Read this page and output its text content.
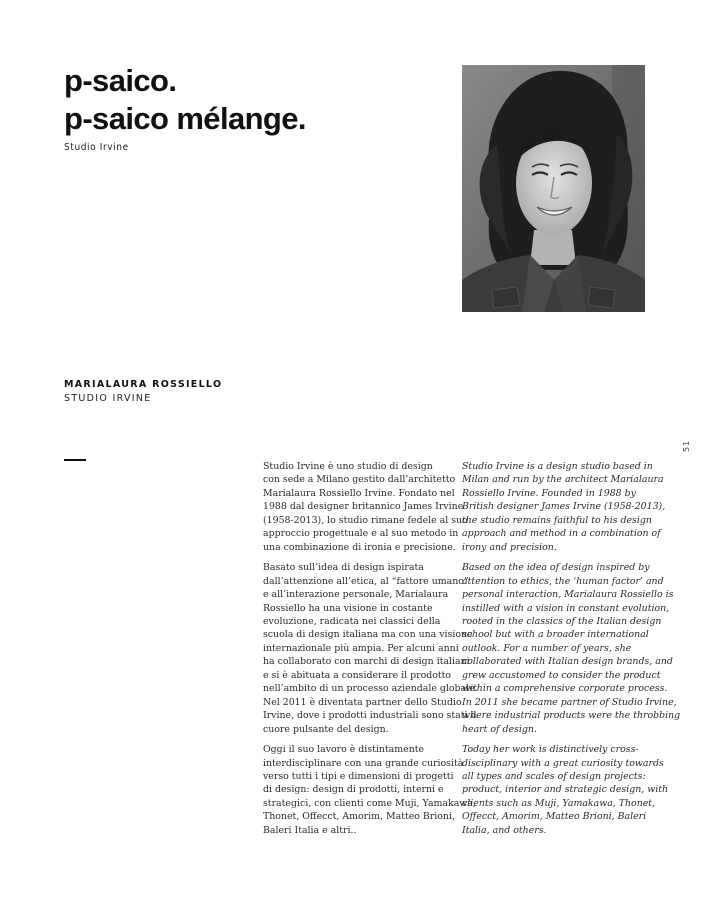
p-saico.
p-saico mélange.
Studio Irvine
MARIALAURA ROSSIELLO
STUDIO IRVINE
51
Studio Irvine è uno studio di design
con sede a Milano gestito dall’architetto
Marialaura Rossiello Irvine. Fondato nel
1988 dal designer britannico James Irvine
(1958-2013), lo studio rimane fedele al suo
approccio progettuale e al suo metodo in
una combinazione di ironia e precisione.
Basato sull’idea di design ispirata
dall’attenzione all’etica, al “fattore umano”
e all’interazione personale, Marialaura
Rossiello ha una visione in costante
evoluzione, radicata nei classici della
scuola di design italiana ma con una visione
internazionale più ampia. Per alcuni anni
ha collaborato con marchi di design italiani
e si è abituata a considerare il prodotto
nell’ambito di un processo aziendale globale.
Nel 2011 è diventata partner dello Studio
Irvine, dove i prodotti industriali sono stati il
cuore pulsante del design.
Oggi il suo lavoro è distintamente
interdisciplinare con una grande curiosità
verso tutti i tipi e dimensioni di progetti
di design: design di prodotti, interni e
strategici, con clienti come Muji, Yamakawa,
Thonet, Offecct, Amorim, Matteo Brioni,
Baleri Italia e altri..
Studio Irvine is a design studio based in
Milan and run by the architect Marialaura
Rossiello Irvine. Founded in 1988 by
British designer James Irvine (1958-2013),
the studio remains faithful to his design
approach and method in a combination of
irony and precision.
Based on the idea of design inspired by
attention to ethics, the ‘human factor’ and
personal interaction, Marialaura Rossiello is
instilled with a vision in constant evolution,
rooted in the classics of the Italian design
school but with a broader international
outlook. For a number of years, she
collaborated with Italian design brands, and
grew accustomed to consider the product
within a comprehensive corporate process.
In 2011 she became partner of Studio Irvine,
where industrial products were the throbbing
heart of design.
Today her work is distinctively cross-
disciplinary with a great curiosity towards
all types and scales of design projects:
product, interior and strategic design, with
clients such as Muji, Yamakawa, Thonet,
Offecct, Amorim, Matteo Brioni, Baleri
Italia, and others.
